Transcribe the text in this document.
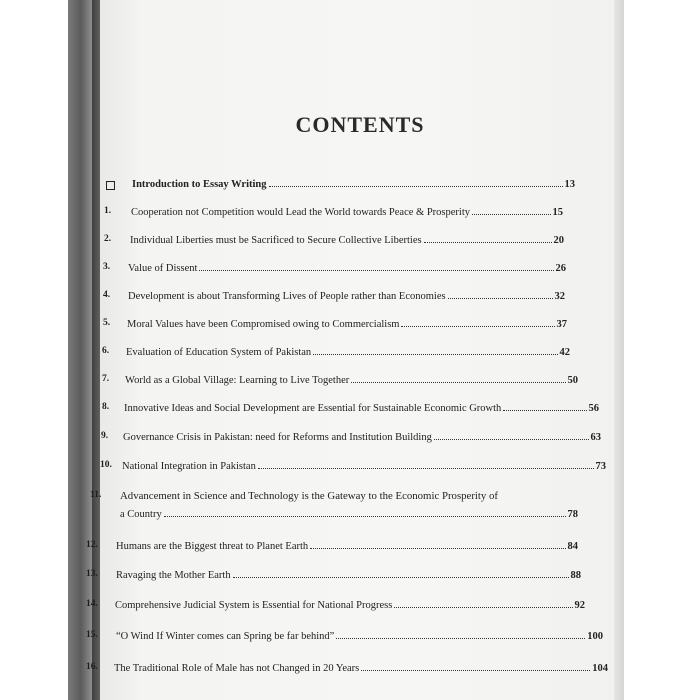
CONTENTS
Introduction to Essay Writing	13
1.	Cooperation not Competition would Lead the World towards Peace & Prosperity	15
2.	Individual Liberties must be Sacrificed to Secure Collective Liberties	20
3.	Value of Dissent	26
4.	Development is about Transforming Lives of People rather than Economies	32
5.	Moral Values have been Compromised owing to Commercialism	37
6.	Evaluation of Education System of Pakistan	42
7.	World as a Global Village: Learning to Live Together	50
8.	Innovative Ideas and Social Development are Essential for Sustainable Economic Growth	56
9.	Governance Crisis in Pakistan: need for Reforms and Institution Building	63
10. National Integration in Pakistan	73
11.	Advancement in Science and Technology is the Gateway to the Economic Prosperity of
a Country	78
12.	Humans are the Biggest threat to Planet Earth	84
13.	Ravaging the Mother Earth	88
14.	Comprehensive Judicial System is Essential for National Progress	92
15.	“O Wind If Winter comes can Spring be far behind”	100
16.	The Traditional Role of Male has not Changed in 20 Years	104
